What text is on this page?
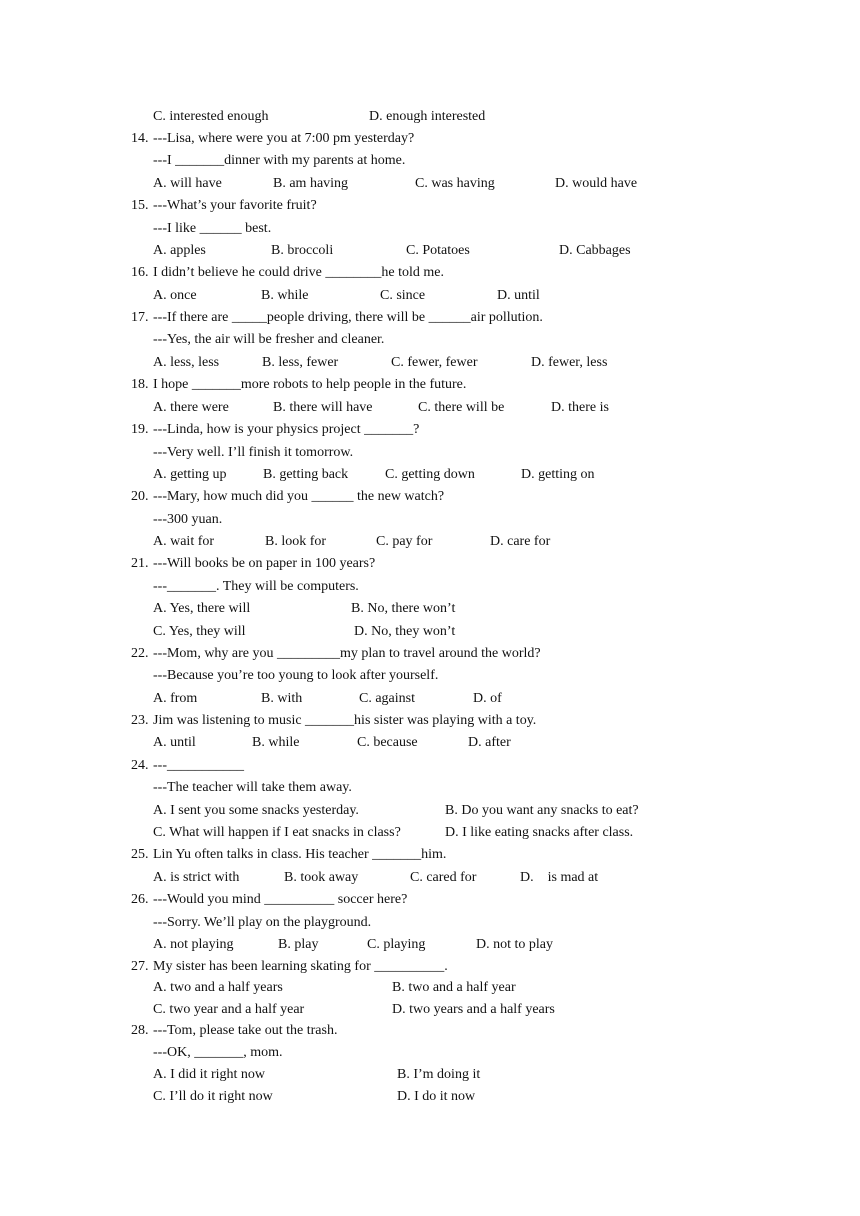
C. interested enough	D. enough interested
14. ---Lisa, where were you at 7:00 pm yesterday?
---I _______dinner with my parents at home.
A. will have	B. am having	C. was having	D. would have
15. ---What’s your favorite fruit?
---I like ______ best.
A. apples	B. broccoli	C. Potatoes	D. Cabbages
16. I didn’t believe he could drive ________he told me.
A. once	B. while	C. since	D. until
17. ---If there are _____people driving, there will be ______air pollution.
---Yes, the air will be fresher and cleaner.
A. less, less	B. less, fewer	C. fewer, fewer	D. fewer, less
18. I hope _______more robots to help people in the future.
A. there were	B. there will have	C. there will be	D. there is
19. ---Linda, how is your physics project _______?
---Very well. I’ll finish it tomorrow.
A. getting up	B. getting back	C. getting down	D. getting on
20. ---Mary, how much did you ______ the new watch?
---300 yuan.
A. wait for	B. look for	C. pay for	D. care for
21. ---Will books be on paper in 100 years?
---_______. They will be computers.
A. Yes, there will	B. No, there won’t
C. Yes, they will	D. No, they won’t
22. ---Mom, why are you _________my plan to travel around the world?
---Because you’re too young to look after yourself.
A. from	B. with	C. against	D. of
23. Jim was listening to music _______his sister was playing with a toy.
A. until	B. while	C. because	D. after
24. ---___________
---The teacher will take them away.
A. I sent you some snacks yesterday.	B. Do you want any snacks to eat?
C. What will happen if I eat snacks in class?	D. I like eating snacks after class.
25. Lin Yu often talks in class. His teacher _______him.
A. is strict with	B. took away	C. cared for	D.    is mad at
26. ---Would you mind __________ soccer here?
---Sorry. We’ll play on the playground.
A. not playing	B. play	C. playing	D. not to play
27. My sister has been learning skating for __________.
A. two and a half years	B. two and a half year
C. two year and a half year	D. two years and a half years
28. ---Tom, please take out the trash.
---OK, _______, mom.
A. I did it right now	B. I’m doing it
C. I’ll do it right now	D. I do it now
